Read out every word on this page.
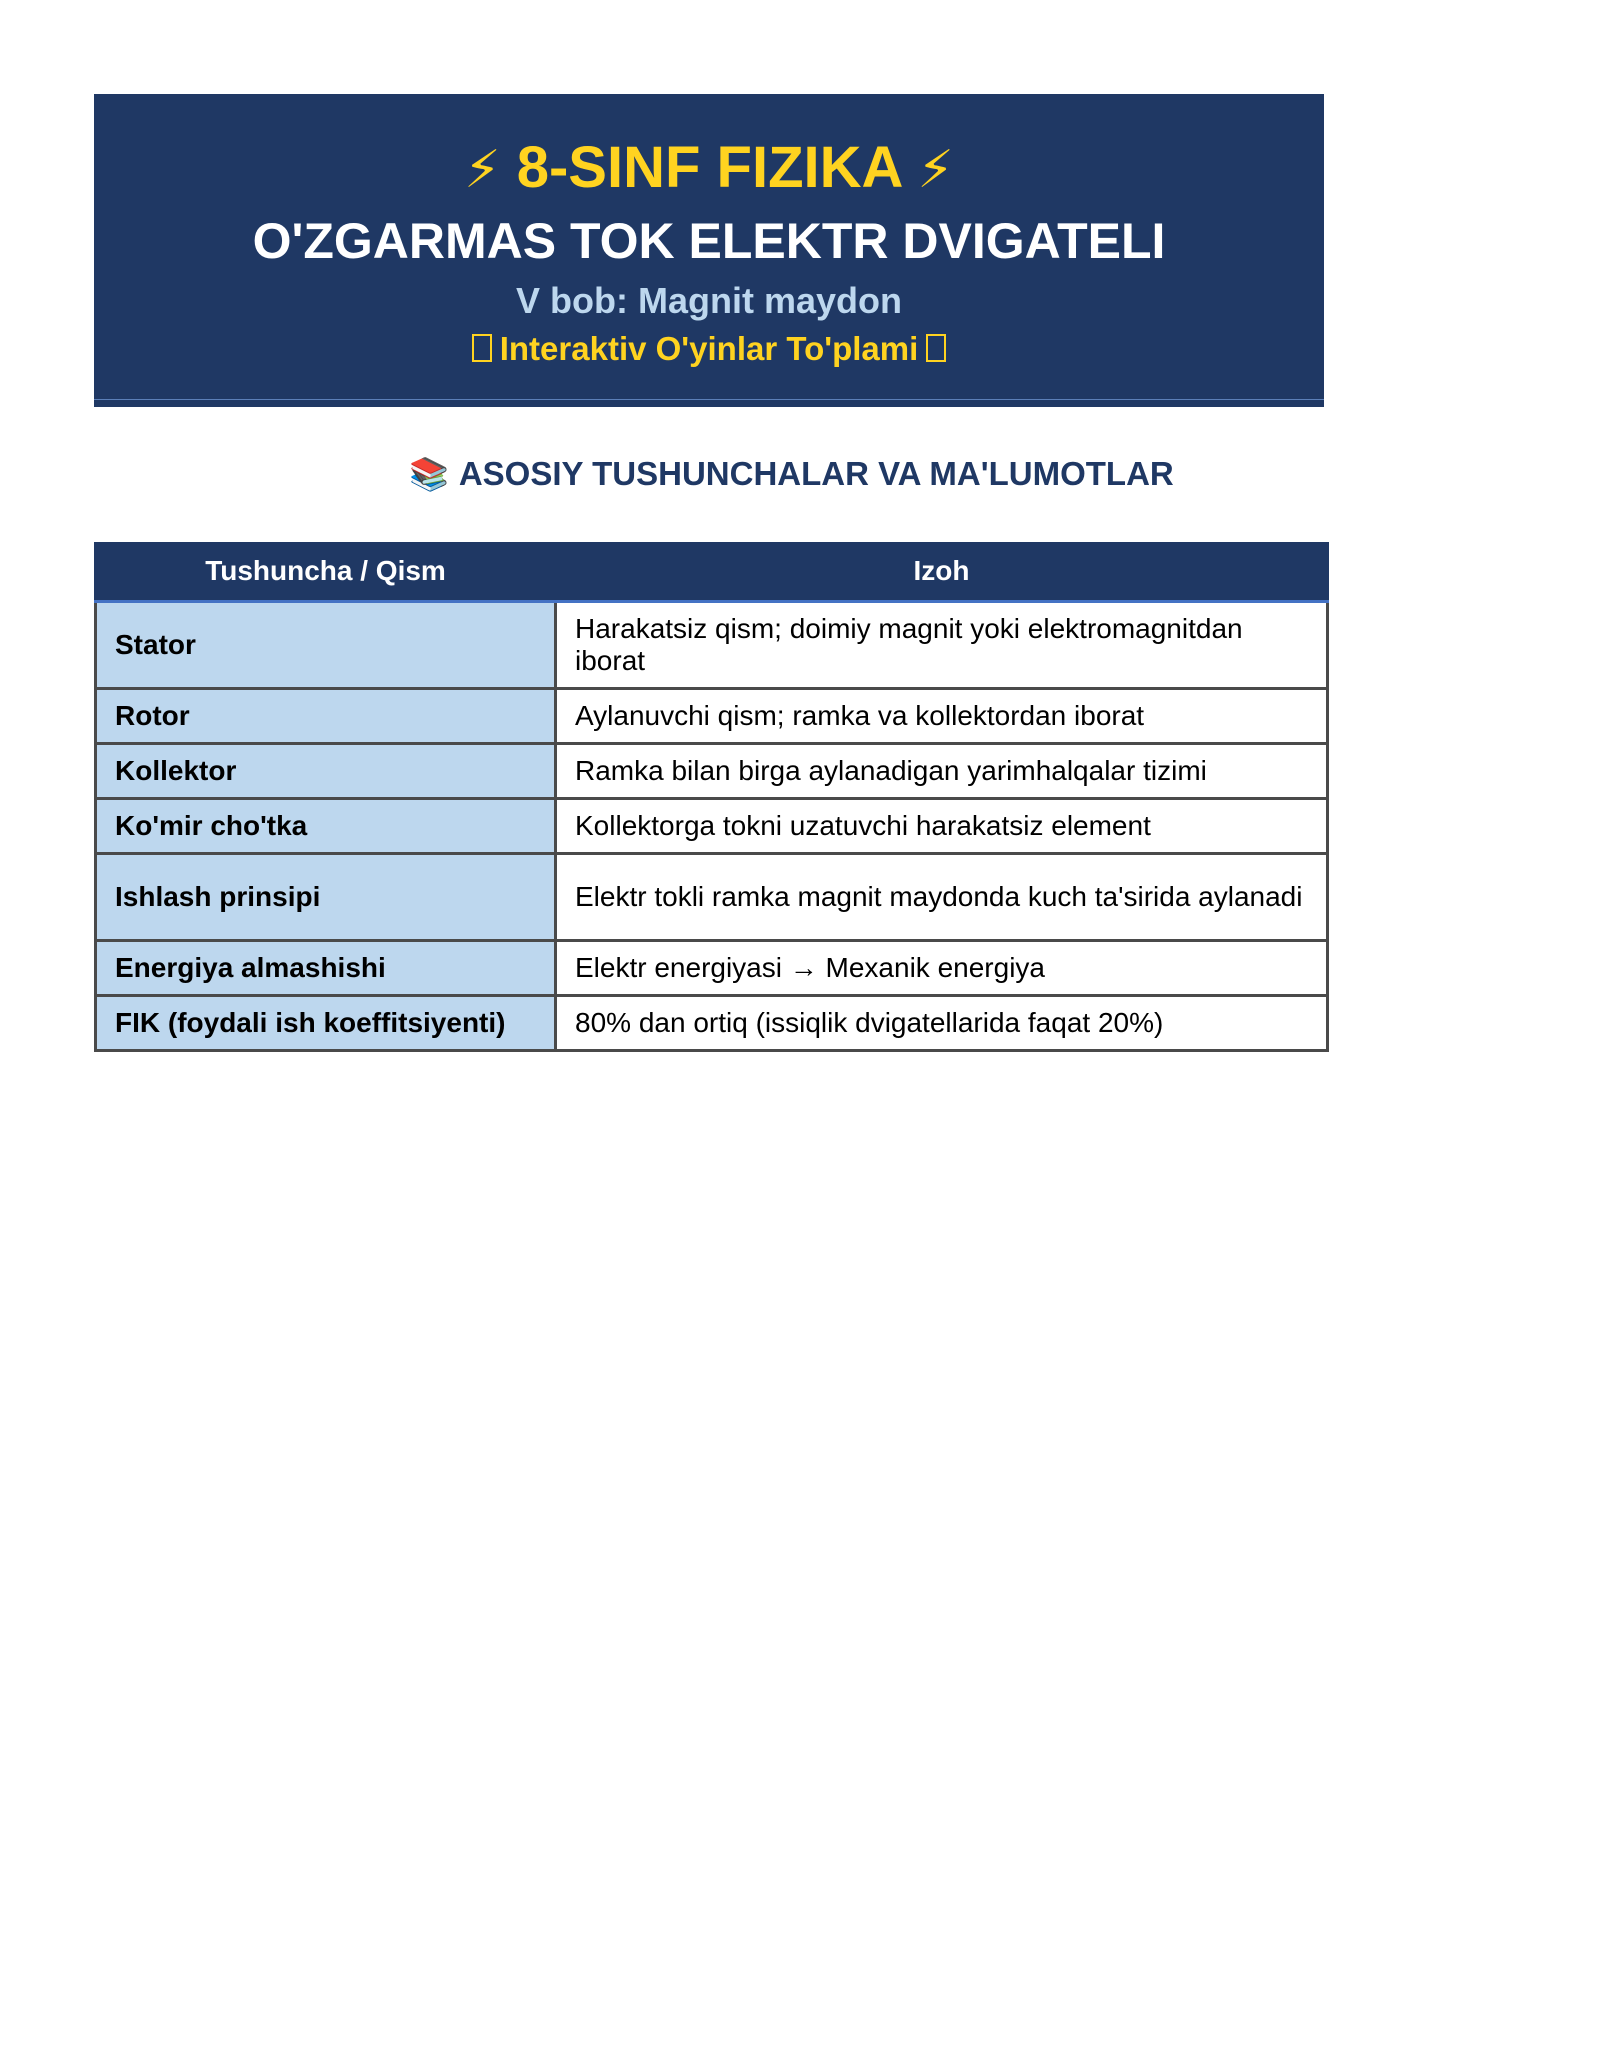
⚡ 8-SINF FIZIKA ⚡
O'ZGARMAS TOK ELEKTR DVIGATELI
V bob: Magnit maydon
Interaktiv O'yinlar To'plami
📚 ASOSIY TUSHUNCHALAR VA MA'LUMOTLAR
Tushuncha / Qism	Izoh
Stator	Harakatsiz qism; doimiy magnit yoki elektromagnitdan iborat
Rotor	Aylanuvchi qism; ramka va kollektordan iborat
Kollektor	Ramka bilan birga aylanadigan yarimhalqalar tizimi
Ko'mir cho'tka	Kollektorga tokni uzatuvchi harakatsiz element
Ishlash prinsipi	Elektr tokli ramka magnit maydonda kuch ta'sirida aylanadi
Energiya almashishi	Elektr energiyasi → Mexanik energiya
FIK (foydali ish koeffitsiyenti)	80% dan ortiq (issiqlik dvigatellarida faqat 20%)
